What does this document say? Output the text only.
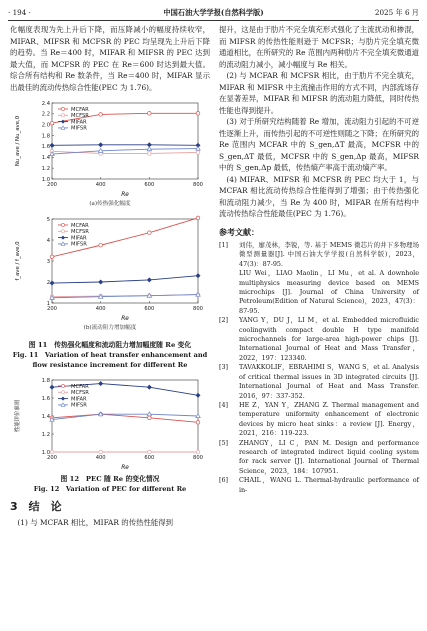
· 194 ·	中国石油大学学报(自然科学版)	2025 年 6 月

化幅度表现为先上升后下降，而压降减小的幅度持续收窄，MIFAR、MIFSR 和 MCFSR 的 PEC 均呈现先上升后下降的趋势。当 Re＝400 时，MIFAR 和 MIFSR 的 PEC 达到最大值，而 MCFSR 的 PEC 在 Re＝600 时达到最大值。综合所有结构和 Re 数条件，当 Re＝400 时，MIFAR 显示出最佳的流动传热综合性能(PEC 为 1.76)。

200	400	600	800
1.0
1.2
1.4
1.6
1.8
2.0
2.2
2.4
Re
Nu_ave / Nu_ave,0
MCFAR
MCFSR
MIFAR
MIFSR
(a)传热强化幅度
200	400	600	800
1
2
3
4
5
Re
f_ave / f_ave,0
MCFAR
MCFSR
MIFAR
MIFSR
(b)流动阻力增加幅度
图 11　传热强化幅度和流动阻力增加幅度随 Re 变化
Fig. 11　Variation of heat transfer enhancement and flow resistance increment for different Re
200	400	600	800
1.0
1.2
1.4
1.6
1.8
Re
性能评价准则
MCFAR
MCFSR
MIFAR
MIFSR
图 12　PEC 随 Re 的变化情况
Fig. 12　Variation of PEC for different Re
3　结　论

(1) 与 MCFAR 相比，MIFAR 的传热性能得到

提升，这是由于肋片不完全填充形式强化了主流扰动和掺混，而 MIFSR 的传热性能则逊于 MCFSR；与肋片完全填充微通道相比，在所研究的 Re 范围内两种肋片不完全填充微通道的流动阻力减小，减小幅度与 Re 相关。

(2) 与 MCFAR 和 MCFSR 相比，由于肋片不完全填充，MIFAR 和 MIFSR 中主流撞击作用的方式不同，内部流场存在显著差异，MIFAR 和 MIFSR 的流动阻力降低，同时传热性能也得到提升。

(3) 对于所研究结构随着 Re 增加，流动阻力引起的不可逆性逐渐上升，而传热引起的不可逆性则随之下降；在所研究的 Re 范围内 MCFAR 中的 S_gen,ΔT 最高，MCFSR 中的 S_gen,ΔT 最低，MCFSR 中的 S_gen,Δp 最高，MIFSR 中的 S_gen,Δp 最低，传热熵产率高于流动熵产率。

(4) MIFAR、MIFSR 和 MCFSR 的 PEC 均大于 1，与 MCFAR 相比流动传热综合性能得到了增强；由于传热强化和流动阻力减少，当 Re 为 400 时，MIFAR 在所有结构中流动传热综合性能最佳(PEC 为 1.76)。

参考文献：
[1]	刘伟，廖茂林，李锐，等. 基于 MEMS 微芯片的井下多物理场微型测量器[J]. 中国石油大学学报(自然科学版)，2023，47(3)：87-95.
LIU Wei，LIAO Maolin，LI Mu，et al. A downhole multiphysics measuring device based on MEMS microchips [J]. Journal of China University of Petroleum(Edition of Natural Science)，2023，47(3)：87-95.
[2]	YANG Y，DU J，LI M，et al. Embedded microfluidic coolingwith compact double H type manifold microchannels for large-area high-power chips [J]. International Journal of Heat and Mass Transfer，2022，197：123340.
[3]	TAVAKKOLIF，EBRAHIMI S，WANG S，et al. Analysis of critical thermal issues in 3D integrated circuits [J]. International Journal of Heat and Mass Transfer. 2016，97：337-352.
[4]	HE Z，YAN Y，ZHANG Z. Thermal management and temperature uniformity enhancement of electronic devices by micro heat sinks：a review [J]. Energy，2021，216：119-223.
[5]	ZHANGY，LI C，PAN M. Design and performance research of integrated indirect liquid cooling system for rack server [J]. International Journal of Thermal Science，2023，184：107951.
[6]	CHAIL，WANG L. Thermal-hydraulic performance of in-
